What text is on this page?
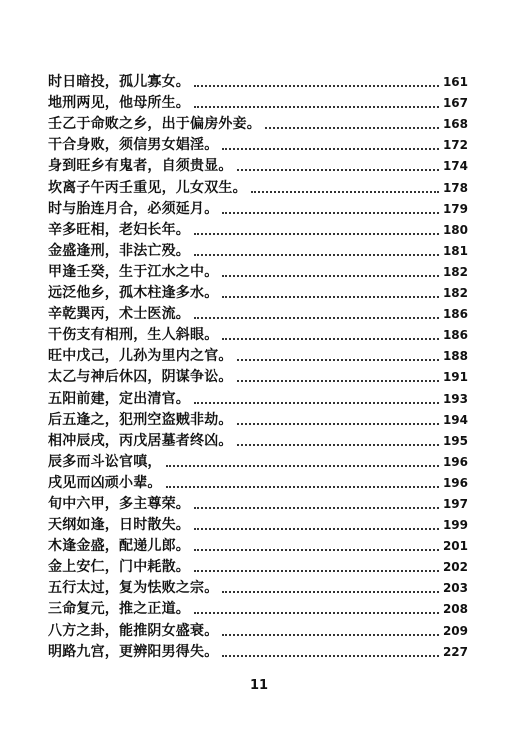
时日暗投，孤儿寡女。	161
地刑两见，他母所生。	167
壬乙于命败之乡，出于偏房外妾。	168
干合身败，须信男女娼淫。	172
身到旺乡有鬼者，自须贵显。	174
坎离子午丙壬重见，儿女双生。	178
时与胎连月合，必须延月。	179
辛多旺相，老妇长年。	180
金盛逢刑，非法亡殁。	181
甲逢壬癸，生于江水之中。	182
远泛他乡，孤木柱逢多水。	182
辛乾巽丙，术士医流。	186
干伤支有相刑，生人斜眼。	186
旺中戊己，儿孙为里内之官。	188
太乙与神后休囚，阴谋争讼。	191
五阳前建，定出清官。	193
后五逢之，犯刑空盗贼非劫。	194
相冲辰戌，丙戊居墓者终凶。	195
辰多而斗讼官嗔，	196
戌见而凶顽小辈。	196
旬中六甲，多主尊荣。	197
天纲如逢，日时散失。	199
木逢金盛，配递儿郎。	201
金上安仁，门中耗散。	202
五行太过，复为怯败之宗。	203
三命复元，推之正道。	208
八方之卦，能推阴女盛衰。	209
明路九宫，更辨阳男得失。	227
11
